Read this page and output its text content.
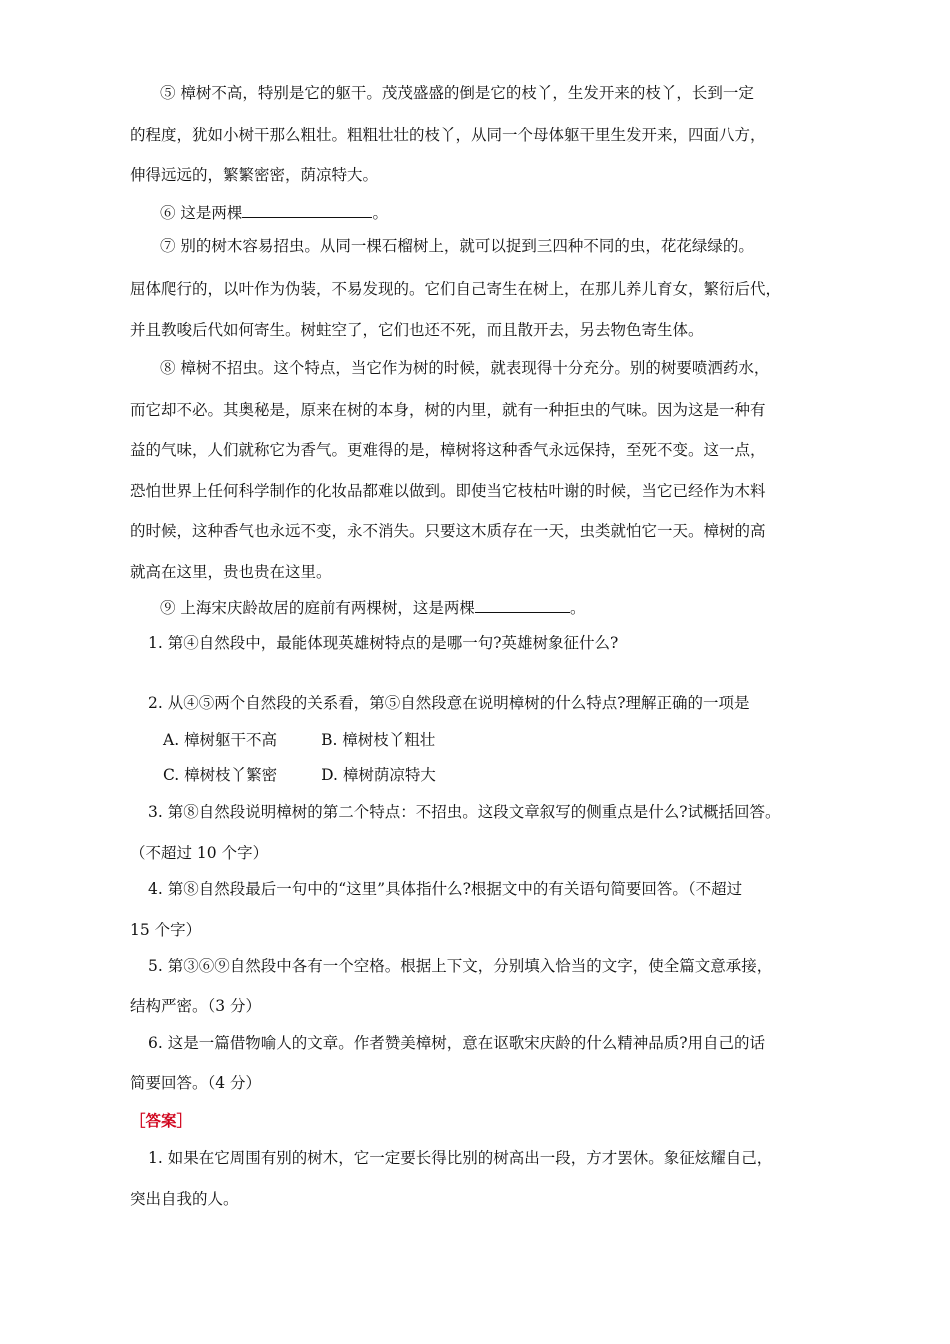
⑤ 樟树不高，特别是它的躯干。茂茂盛盛的倒是它的枝丫，生发开来的枝丫，长到一定
的程度，犹如小树干那么粗壮。粗粗壮壮的枝丫，从同一个母体躯干里生发开来，四面八方，
伸得远远的，繁繁密密，荫凉特大。
⑥ 这是两棵	。
⑦ 别的树木容易招虫。从同一棵石榴树上，就可以捉到三四种不同的虫，花花绿绿的。
屈体爬行的，以叶作为伪装，不易发现的。它们自己寄生在树上，在那儿养儿育女，繁衍后代，
并且教唆后代如何寄生。树蛀空了，它们也还不死，而且散开去，另去物色寄生体。
⑧ 樟树不招虫。这个特点，当它作为树的时候，就表现得十分充分。别的树要喷洒药水，
而它却不必。其奥秘是，原来在树的本身，树的内里，就有一种拒虫的气味。因为这是一种有
益的气味，人们就称它为香气。更难得的是，樟树将这种香气永远保持，至死不变。这一点，
恐怕世界上任何科学制作的化妆品都难以做到。即使当它枝枯叶谢的时候，当它已经作为木料
的时候，这种香气也永远不变，永不消失。只要这木质存在一天，虫类就怕它一天。樟树的高
就高在这里，贵也贵在这里。
⑨ 上海宋庆龄故居的庭前有两棵树，这是两棵	。
1. 第④自然段中，最能体现英雄树特点的是哪一句?英雄树象征什么?
2. 从④⑤两个自然段的关系看，第⑤自然段意在说明樟树的什么特点?理解正确的一项是
A. 樟树躯干不高	B. 樟树枝丫粗壮
C. 樟树枝丫繁密	D. 樟树荫凉特大
3. 第⑧自然段说明樟树的第二个特点：不招虫。这段文章叙写的侧重点是什么?试概括回答。
（不超过 10 个字）
4. 第⑧自然段最后一句中的“这里”具体指什么?根据文中的有关语句简要回答。（不超过
15 个字）
5. 第③⑥⑨自然段中各有一个空格。根据上下文，分别填入恰当的文字，使全篇文意承接，
结构严密。（3 分）
6. 这是一篇借物喻人的文章。作者赞美樟树，意在讴歌宋庆龄的什么精神品质?用自己的话
简要回答。（4 分）
［答案］
1. 如果在它周围有别的树木，它一定要长得比别的树高出一段，方才罢休。象征炫耀自己，
突出自我的人。
